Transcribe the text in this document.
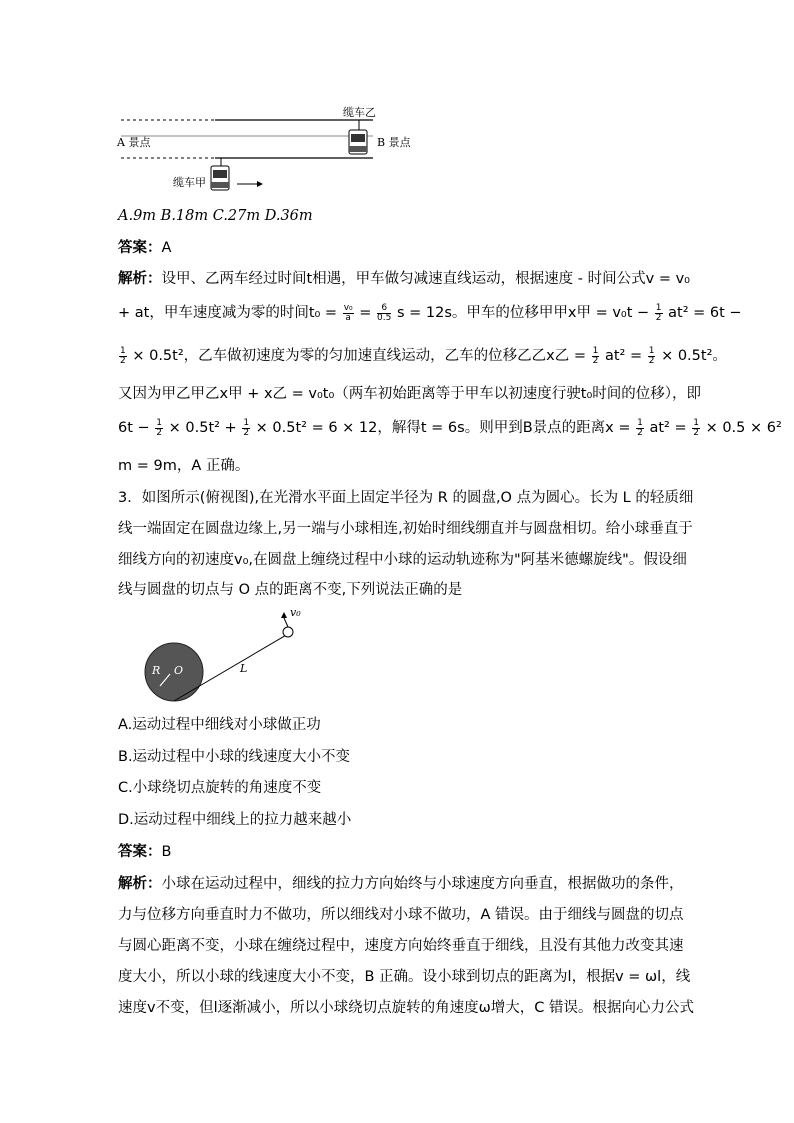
A 景点	B 景点
缆车乙
缆车甲
A.9m B.18m C.27m D.36m
答案：A
解析：设甲、乙两车经过时间t相遇，甲车做匀减速直线运动，根据速度 - 时间公式v = v₀
+ at，甲车速度减为零的时间$t_0 = \frac{\text{v₀}}{a} = \frac{6}{0.5}$ s = 12s。甲车的位移甲甲x甲 = $v_0t - \frac{1}{2} at^2 = 6t$ −
$\frac{1}{2} \times 0.5t^2$，乙车做初速度为零的匀加速直线运动，乙车的位移乙乙x乙 = $\frac{1}{2} at^2 = \frac{1}{2} \times 0.5t^2$。
又因为甲乙甲乙x甲 + x乙 = v₀t₀（两车初始距离等于甲车以初速度行驶t₀时间的位移），即
$6t - \frac{1}{2} \times 0.5t^2 + \frac{1}{2} \times 0.5t^2 = 6 \times 12$，解得t = 6s。则甲到B景点的距离$x = \frac{1}{2} at^2 = \frac{1}{2} \times 0.5 \times 6^2$
m = 9m，A 正确。
3．如图所示(俯视图),在光滑水平面上固定半径为 R 的圆盘,O 点为圆心。长为 L 的轻质细
线一端固定在圆盘边缘上,另一端与小球相连,初始时细线绷直并与圆盘相切。给小球垂直于
细线方向的初速度v₀,在圆盘上缠绕过程中小球的运动轨迹称为"阿基米德螺旋线"。假设细
线与圆盘的切点与 O 点的距离不变,下列说法正确的是
v₀
R O	L
A.运动过程中细线对小球做正功
B.运动过程中小球的线速度大小不变
C.小球绕切点旋转的角速度不变
D.运动过程中细线上的拉力越来越小
答案：B
解析：小球在运动过程中，细线的拉力方向始终与小球速度方向垂直，根据做功的条件，
力与位移方向垂直时力不做功，所以细线对小球不做功，A 错误。由于细线与圆盘的切点
与圆心距离不变，小球在缠绕过程中，速度方向始终垂直于细线，且没有其他力改变其速
度大小，所以小球的线速度大小不变，B 正确。设小球到切点的距离为l，根据v = ωl，线
速度v不变，但l逐渐减小，所以小球绕切点旋转的角速度ω增大，C 错误。根据向心力公式
